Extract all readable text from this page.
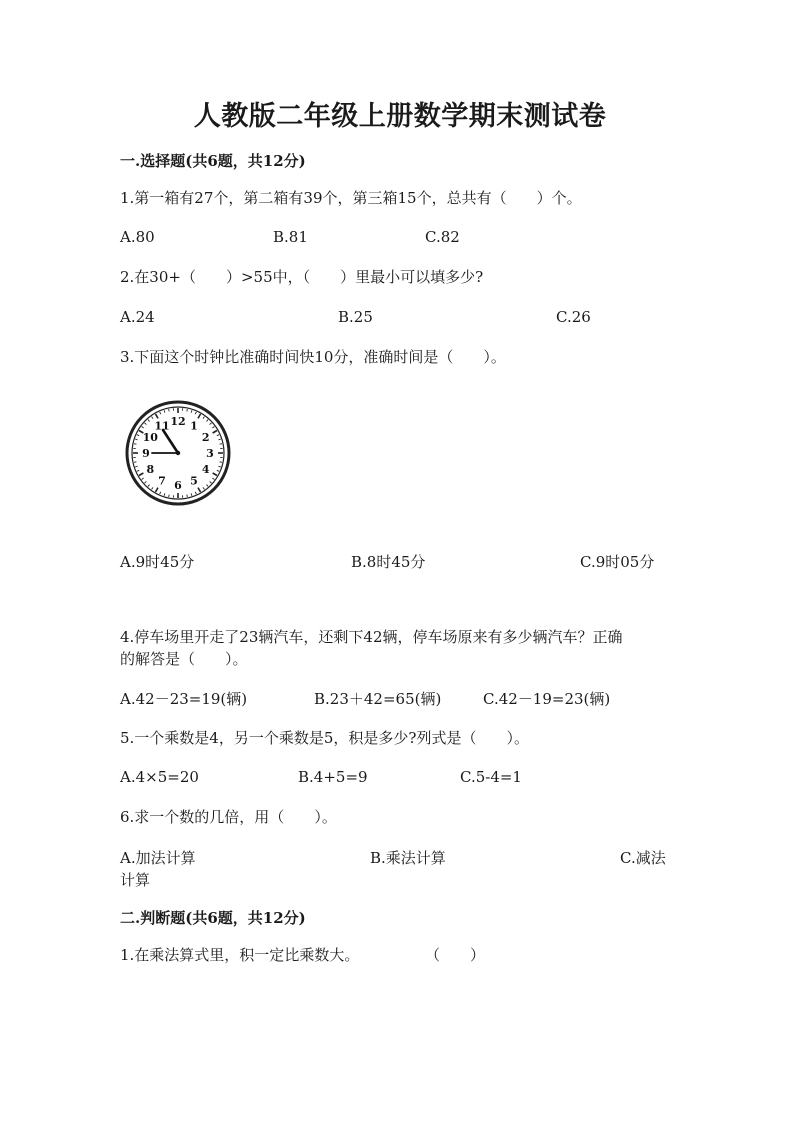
人教版二年级上册数学期末测试卷
一.选择题(共6题，共12分)
1.第一箱有27个，第二箱有39个，第三箱15个，总共有（　　）个。
A.80	B.81	C.82
2.在30+（　　）>55中，（　　）里最小可以填多少?
A.24	B.25	C.26
3.下面这个时钟比准确时间快10分，准确时间是（　　）。
12 1
2
3
4
5
6
7
8
9
10
11
A.9时45分	B.8时45分	C.9时05分
4.停车场里开走了23辆汽车，还剩下42辆，停车场原来有多少辆汽车？正确
的解答是（　　）。
A.42－23=19(辆)	B.23＋42=65(辆)	C.42－19=23(辆)
5.一个乘数是4，另一个乘数是5，积是多少?列式是（　　）。
A.4×5=20	B.4+5=9	C.5-4=1
6.求一个数的几倍，用（　　）。
A.加法计算	B.乘法计算	C.减法
计算
二.判断题(共6题，共12分)
1.在乘法算式里，积一定比乘数大。	（　　）
